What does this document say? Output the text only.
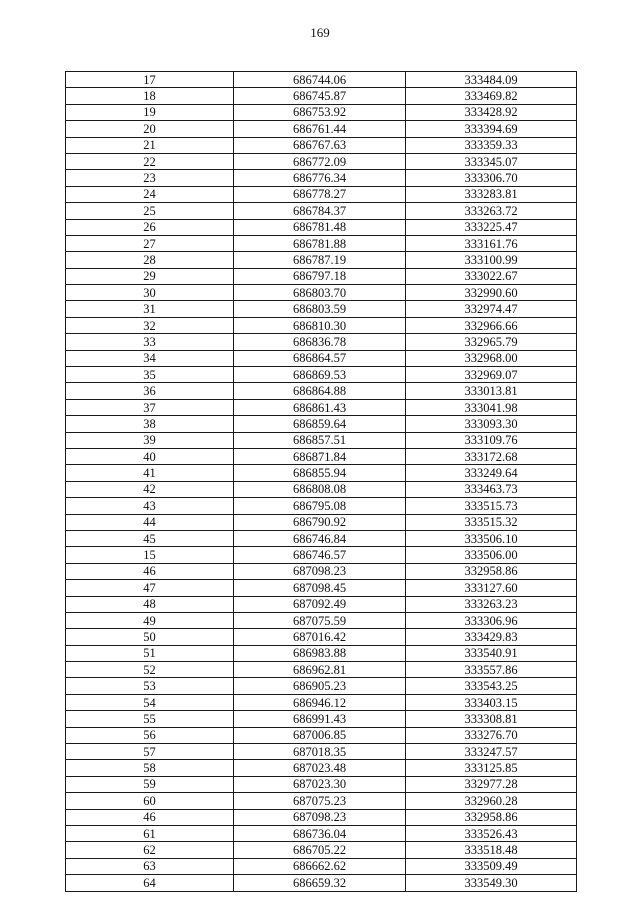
169
17	686744.06	333484.09
18	686745.87	333469.82
19	686753.92	333428.92
20	686761.44	333394.69
21	686767.63	333359.33
22	686772.09	333345.07
23	686776.34	333306.70
24	686778.27	333283.81
25	686784.37	333263.72
26	686781.48	333225.47
27	686781.88	333161.76
28	686787.19	333100.99
29	686797.18	333022.67
30	686803.70	332990.60
31	686803.59	332974.47
32	686810.30	332966.66
33	686836.78	332965.79
34	686864.57	332968.00
35	686869.53	332969.07
36	686864.88	333013.81
37	686861.43	333041.98
38	686859.64	333093.30
39	686857.51	333109.76
40	686871.84	333172.68
41	686855.94	333249.64
42	686808.08	333463.73
43	686795.08	333515.73
44	686790.92	333515.32
45	686746.84	333506.10
15	686746.57	333506.00
46	687098.23	332958.86
47	687098.45	333127.60
48	687092.49	333263.23
49	687075.59	333306.96
50	687016.42	333429.83
51	686983.88	333540.91
52	686962.81	333557.86
53	686905.23	333543.25
54	686946.12	333403.15
55	686991.43	333308.81
56	687006.85	333276.70
57	687018.35	333247.57
58	687023.48	333125.85
59	687023.30	332977.28
60	687075.23	332960.28
46	687098.23	332958.86
61	686736.04	333526.43
62	686705.22	333518.48
63	686662.62	333509.49
64	686659.32	333549.30
